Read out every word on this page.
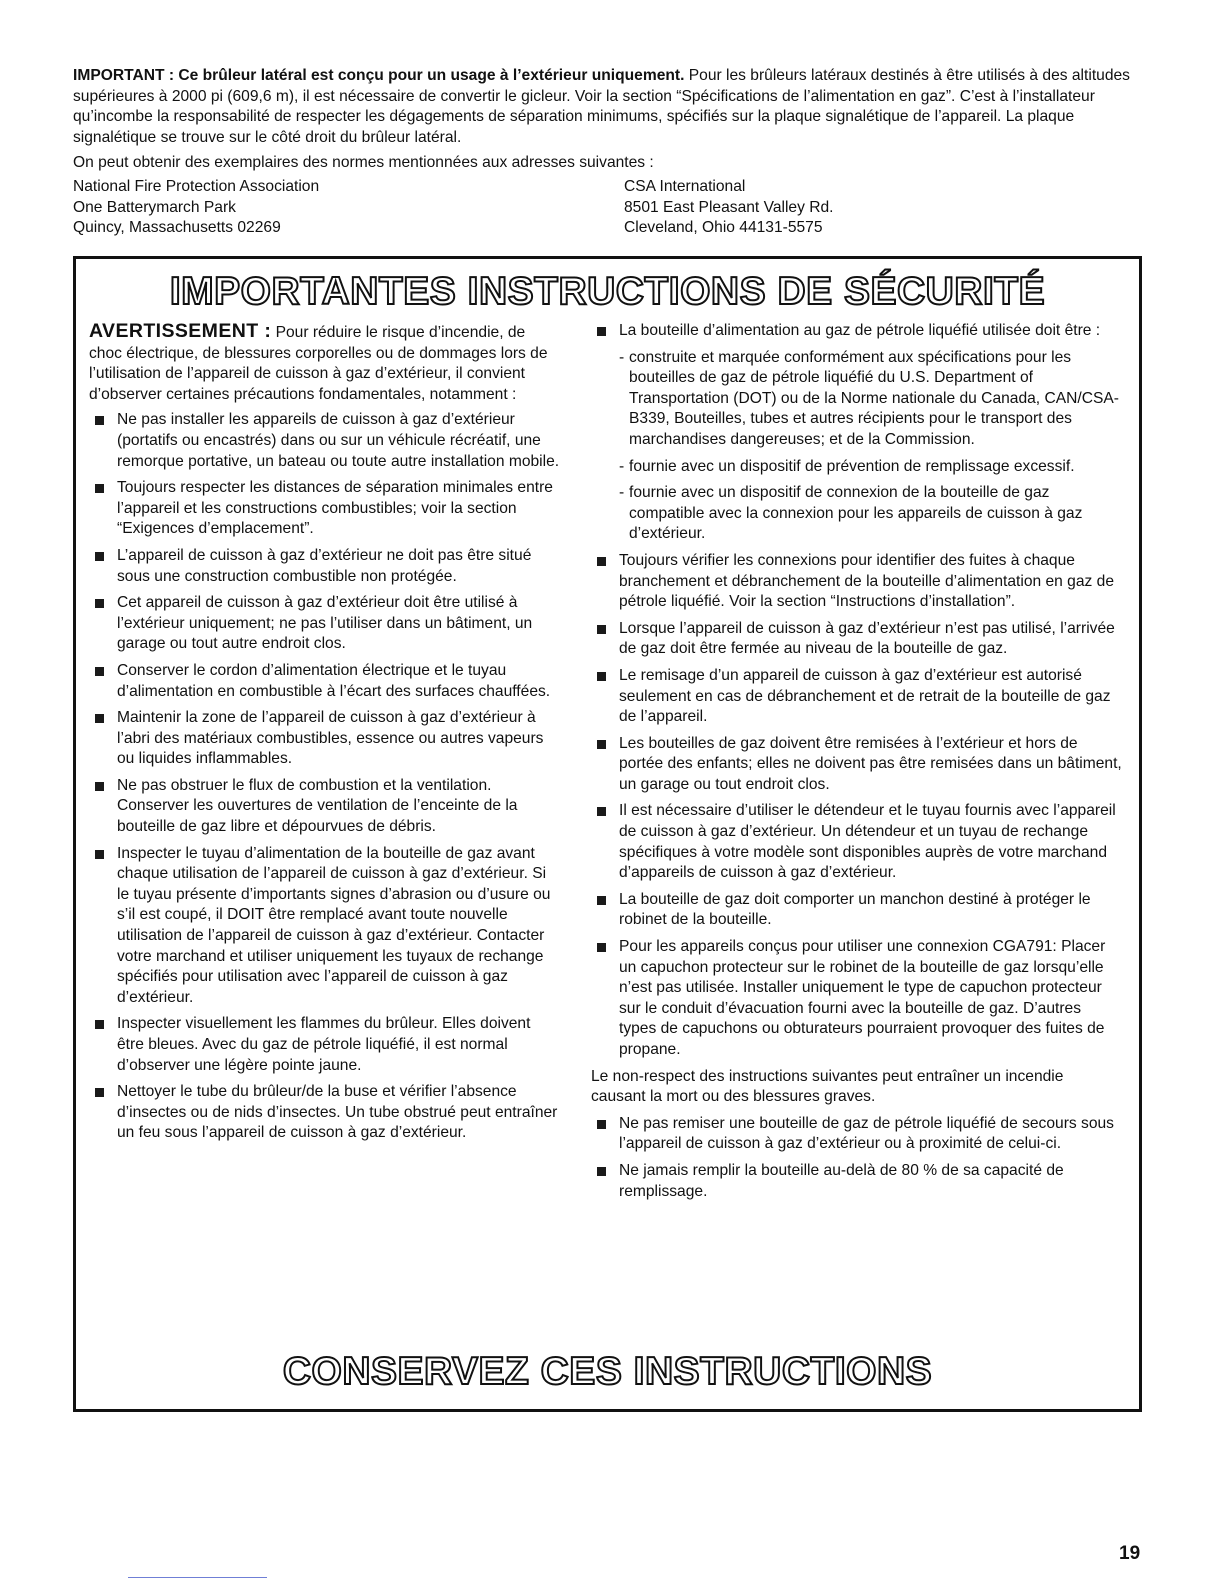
IMPORTANT : Ce brûleur latéral est conçu pour un usage à l’extérieur uniquement. Pour les brûleurs latéraux destinés à être utilisés à des altitudes supérieures à 2000 pi (609,6 m), il est nécessaire de convertir le gicleur. Voir la section “Spécifications de l’alimentation en gaz”. C’est à l’installateur qu’incombe la responsabilité de respecter les dégagements de séparation minimums, spécifiés sur la plaque signalétique de l’appareil. La plaque signalétique se trouve sur le côté droit du brûleur latéral.

On peut obtenir des exemplaires des normes mentionnées aux adresses suivantes :

National Fire Protection Association
One Batterymarch Park
Quincy, Massachusetts 02269
CSA International
8501 East Pleasant Valley Rd.
Cleveland, Ohio 44131-5575
IMPORTANTES INSTRUCTIONS DE SÉCURITÉ

AVERTISSEMENT : Pour réduire le risque d’incendie, de choc électrique, de blessures corporelles ou de dommages lors de l’utilisation de l’appareil de cuisson à gaz d’extérieur, il convient d’observer certaines précautions fondamentales, notamment :

Ne pas installer les appareils de cuisson à gaz d’extérieur (portatifs ou encastrés) dans ou sur un véhicule récréatif, une remorque portative, un bateau ou toute autre installation mobile.
Toujours respecter les distances de séparation minimales entre l’appareil et les constructions combustibles; voir la section “Exigences d’emplacement”.
L’appareil de cuisson à gaz d’extérieur ne doit pas être situé sous une construction combustible non protégée.
Cet appareil de cuisson à gaz d’extérieur doit être utilisé à l’extérieur uniquement; ne pas l’utiliser dans un bâtiment, un garage ou tout autre endroit clos.
Conserver le cordon d’alimentation électrique et le tuyau d’alimentation en combustible à l’écart des surfaces chauffées.
Maintenir la zone de l’appareil de cuisson à gaz d’extérieur à l’abri des matériaux combustibles, essence ou autres vapeurs ou liquides inflammables.
Ne pas obstruer le flux de combustion et la ventilation. Conserver les ouvertures de ventilation de l’enceinte de la bouteille de gaz libre et dépourvues de débris.
Inspecter le tuyau d’alimentation de la bouteille de gaz avant chaque utilisation de l’appareil de cuisson à gaz d’extérieur. Si le tuyau présente d’importants signes d’abrasion ou d’usure ou s’il est coupé, il DOIT être remplacé avant toute nouvelle utilisation de l’appareil de cuisson à gaz d’extérieur. Contacter votre marchand et utiliser uniquement les tuyaux de rechange spécifiés pour utilisation avec l’appareil de cuisson à gaz d’extérieur.
Inspecter visuellement les flammes du brûleur. Elles doivent être bleues. Avec du gaz de pétrole liquéfié, il est normal d’observer une légère pointe jaune.
Nettoyer le tube du brûleur/de la buse et vérifier l’absence d’insectes ou de nids d’insectes. Un tube obstrué peut entraîner un feu sous l’appareil de cuisson à gaz d’extérieur.
La bouteille d’alimentation au gaz de pétrole liquéfié utilisée doit être :
- construite et marquée conformément aux spécifications pour les bouteilles de gaz de pétrole liquéfié du U.S. Department of Transportation (DOT) ou de la Norme nationale du Canada, CAN/CSA-B339, Bouteilles, tubes et autres récipients pour le transport des marchandises dangereuses; et de la Commission.
- fournie avec un dispositif de prévention de remplissage excessif.
- fournie avec un dispositif de connexion de la bouteille de gaz compatible avec la connexion pour les appareils de cuisson à gaz d’extérieur.
Toujours vérifier les connexions pour identifier des fuites à chaque branchement et débranchement de la bouteille d’alimentation en gaz de pétrole liquéfié. Voir la section “Instructions d’installation”.
Lorsque l’appareil de cuisson à gaz d’extérieur n’est pas utilisé, l’arrivée de gaz doit être fermée au niveau de la bouteille de gaz.
Le remisage d’un appareil de cuisson à gaz d’extérieur est autorisé seulement en cas de débranchement et de retrait de la bouteille de gaz de l’appareil.
Les bouteilles de gaz doivent être remisées à l’extérieur et hors de portée des enfants; elles ne doivent pas être remisées dans un bâtiment, un garage ou tout endroit clos.
Il est nécessaire d’utiliser le détendeur et le tuyau fournis avec l’appareil de cuisson à gaz d’extérieur. Un détendeur et un tuyau de rechange spécifiques à votre modèle sont disponibles auprès de votre marchand d’appareils de cuisson à gaz d’extérieur.
La bouteille de gaz doit comporter un manchon destiné à protéger le robinet de la bouteille.
Pour les appareils conçus pour utiliser une connexion CGA791: Placer un capuchon protecteur sur le robinet de la bouteille de gaz lorsqu’elle n’est pas utilisée. Installer uniquement le type de capuchon protecteur sur le conduit d’évacuation fourni avec la bouteille de gaz. D’autres types de capuchons ou obturateurs pourraient provoquer des fuites de propane.

Le non-respect des instructions suivantes peut entraîner un incendie causant la mort ou des blessures graves.

Ne pas remiser une bouteille de gaz de pétrole liquéfié de secours sous l’appareil de cuisson à gaz d’extérieur ou à proximité de celui-ci.
Ne jamais remplir la bouteille au-delà de 80 % de sa capacité de remplissage.
CONSERVEZ CES INSTRUCTIONS
19
